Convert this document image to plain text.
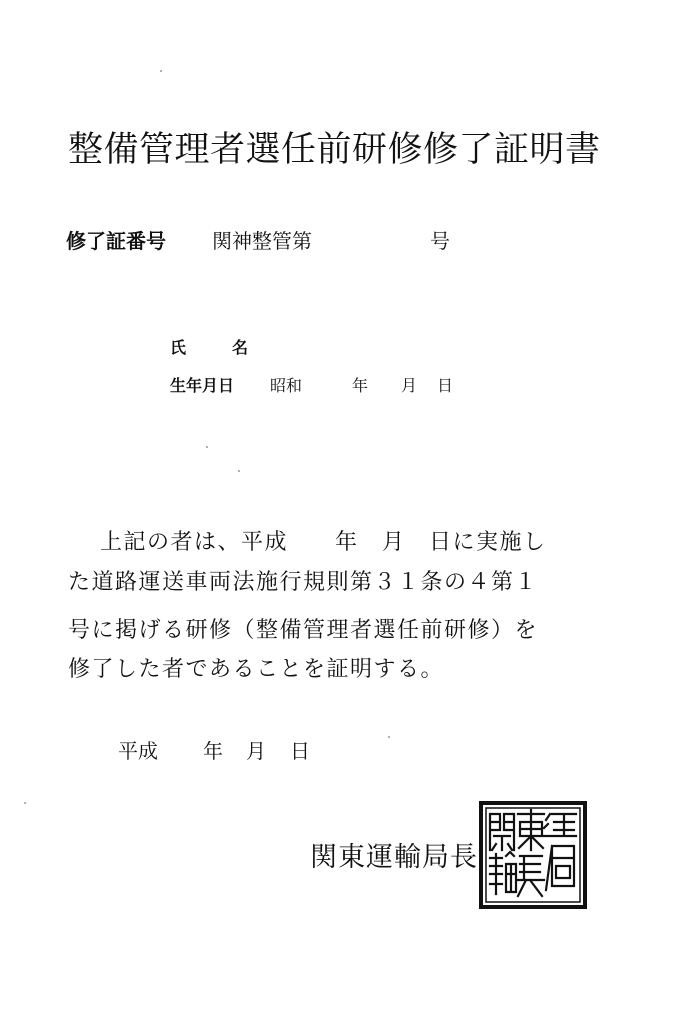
整備管理者選任前研修修了証明書
修了証番号 関神整管第	号
氏	名
生年月日 昭和	年 月 日
上記の者は、平成　　年　月　日に実施し
た道路運送車両法施行規則第３１条の４第１
号に掲げる研修（整備管理者選任前研修）を
修了した者であることを証明する。
平成 年 月 日
関東運輸局長
